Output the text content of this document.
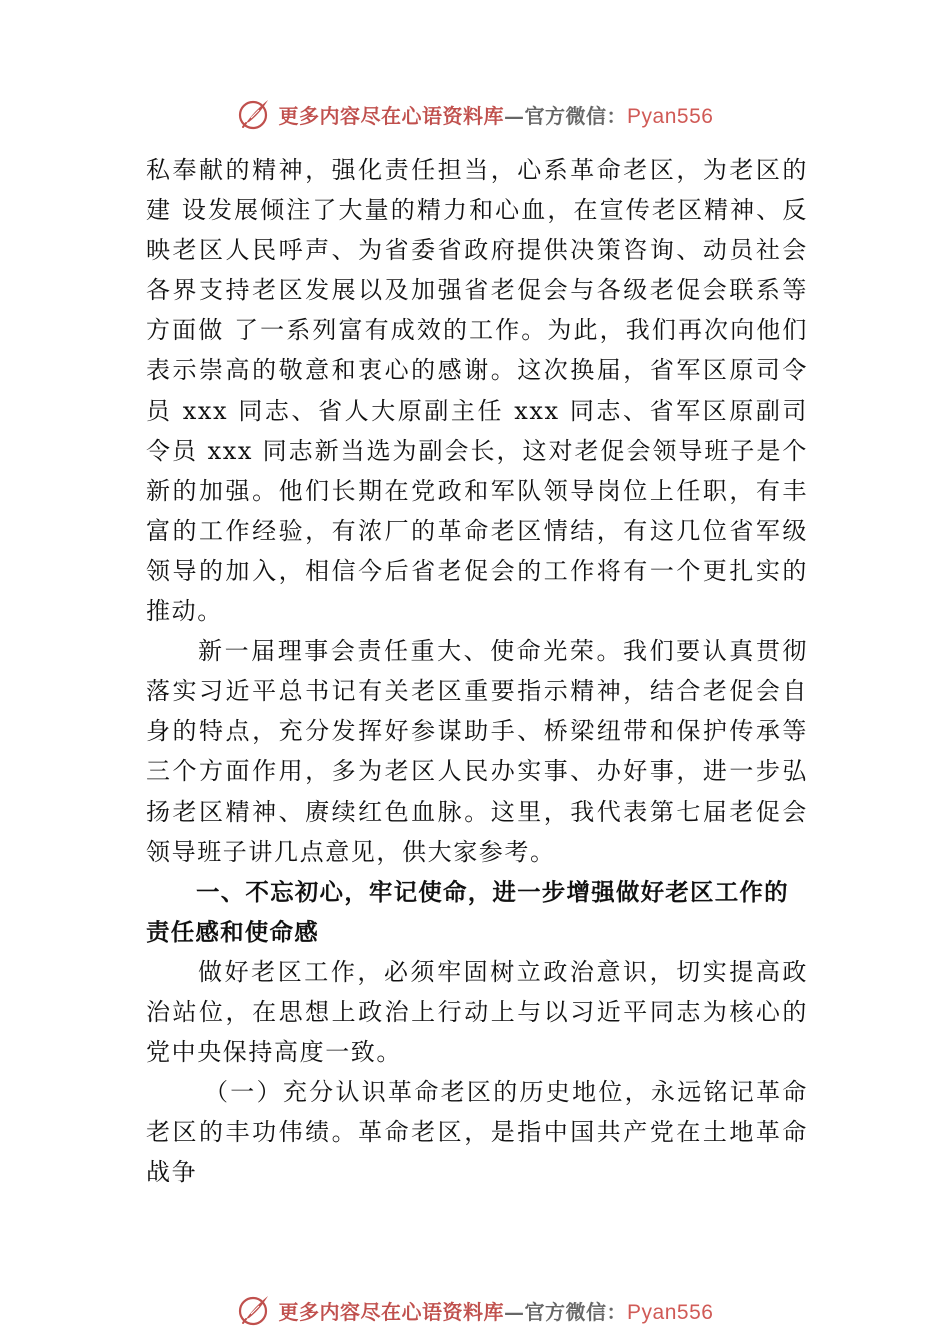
更多内容尽在心语资料库—官方微信：Pyan556

私奉献的精神，强化责任担当，心系革命老区，为老区的建 设发展倾注了大量的精力和心血，在宣传老区精神、反映老区人民呼声、为省委省政府提供决策咨询、动员社会各界支持老区发展以及加强省老促会与各级老促会联系等方面做 了一系列富有成效的工作。为此，我们再次向他们表示崇高的敬意和衷心的感谢。这次换届，省军区原司令员 xxx 同志、省人大原副主任 xxx 同志、省军区原副司令员 xxx 同志新当选为副会长，这对老促会领导班子是个新的加强。他们长期在党政和军队领导岗位上任职，有丰富的工作经验，有浓⼚的革命老区情结，有这几位省军级领导的加入，相信今后省老促会的工作将有一个更扎实的推动。

新一届理事会责任重大、使命光荣。我们要认真贯彻落实习近平总书记有关老区重要指示精神，结合老促会自身的特点，充分发挥好参谋助手、桥梁纽带和保护传承等三个方面作用，多为老区人民办实事、办好事，进一步弘扬老区精神、赓续红色血脉。这里，我代表第七届老促会领导班子讲几点意见，供大家参考。

一、不忘初心，牢记使命，进一步增强做好老区工作的责任感和使命感

做好老区工作，必须牢固树立政治意识，切实提高政治站位，在思想上政治上行动上与以习近平同志为核心的党中央保持高度一致。

（一）充分认识革命老区的历史地位，永远铭记革命老区的丰功伟绩。革命老区，是指中国共产党在土地革命战争

更多内容尽在心语资料库—官方微信：Pyan556
